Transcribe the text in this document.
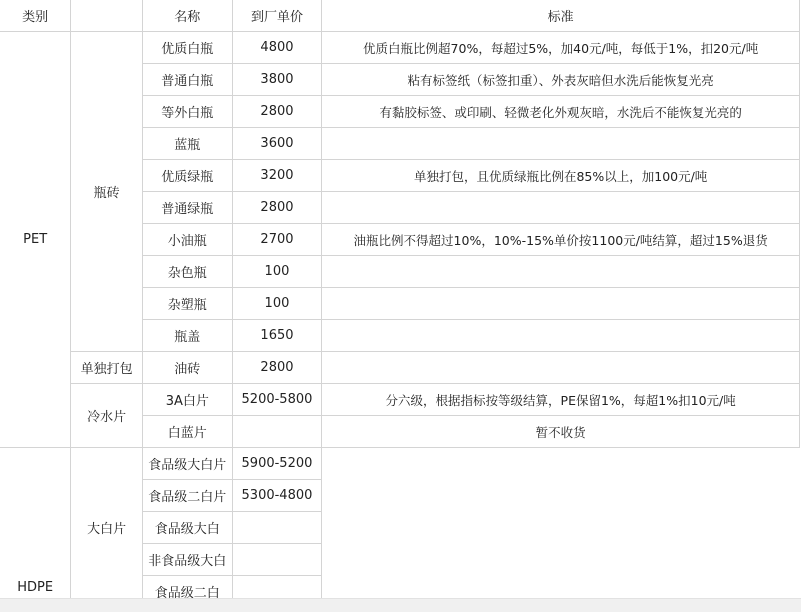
类别		名称	到厂单价	标准
PET	瓶砖	优质白瓶	4800	优质白瓶比例超70%，每超过5%，加40元/吨，每低于1%，扣20元/吨
		普通白瓶	3800	粘有标签纸（标签扣重）、外表灰暗但水洗后能恢复光亮
		等外白瓶	2800	有黏胶标签、或印刷、轻微老化外观灰暗，水洗后不能恢复光亮的
		蓝瓶	3600	
		优质绿瓶	3200	单独打包，且优质绿瓶比例在85%以上，加100元/吨
		普通绿瓶	2800	
		小油瓶	2700	油瓶比例不得超过10%，10%-15%单价按1100元/吨结算，超过15%退货
		杂色瓶	100	
		杂塑瓶	100	
		瓶盖	1650	
	单独打包	油砖	2800	
	冷水片	3A白片	5200-5800	分六级，根据指标按等级结算，PE保留1%，每超1%扣10元/吨
		白蓝片		暂不收货
HDPE	大白片	食品级大白片	5900-5200	
		食品级二白片	5300-4800	
		食品级大白		
		非食品级大白		
		食品级二白		
